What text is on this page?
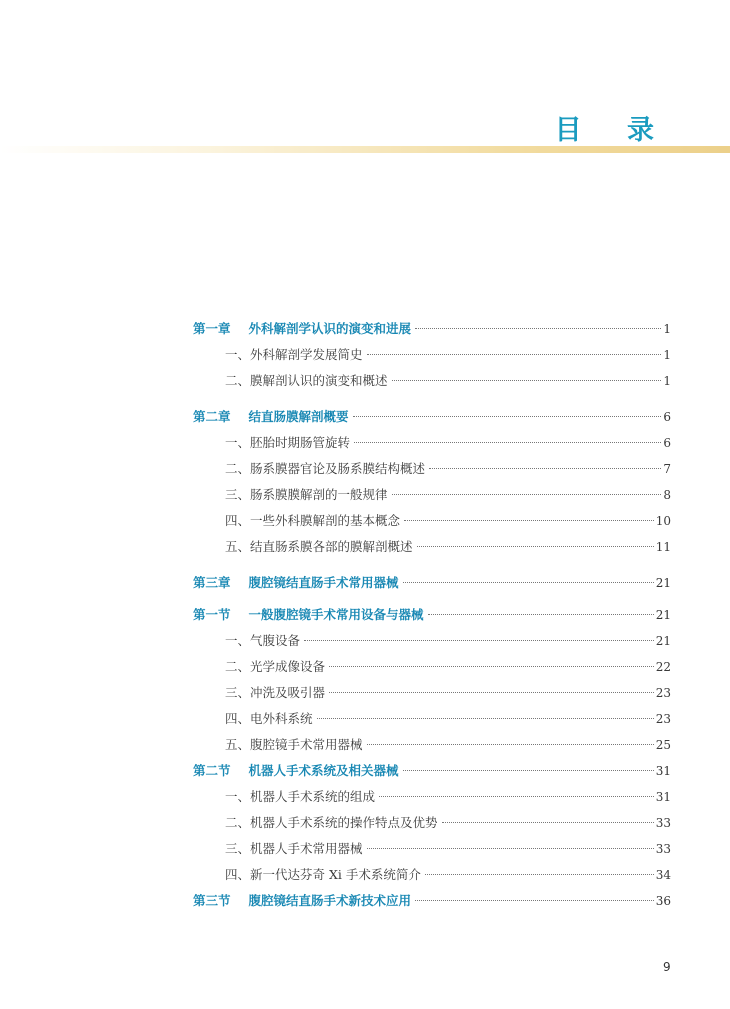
目 录
第一章 外科解剖学认识的演变和进展	1
一、外科解剖学发展简史	1
二、膜解剖认识的演变和概述	1
第二章 结直肠膜解剖概要	6
一、胚胎时期肠管旋转	6
二、肠系膜器官论及肠系膜结构概述	7
三、肠系膜膜解剖的一般规律	8
四、一些外科膜解剖的基本概念	10
五、结直肠系膜各部的膜解剖概述	11
第三章 腹腔镜结直肠手术常用器械	21
第一节 一般腹腔镜手术常用设备与器械	21
一、气腹设备	21
二、光学成像设备	22
三、冲洗及吸引器	23
四、电外科系统	23
五、腹腔镜手术常用器械	25
第二节 机器人手术系统及相关器械	31
一、机器人手术系统的组成	31
二、机器人手术系统的操作特点及优势	33
三、机器人手术常用器械	33
四、新一代达芬奇 Xi 手术系统简介	34
第三节 腹腔镜结直肠手术新技术应用	36
9
